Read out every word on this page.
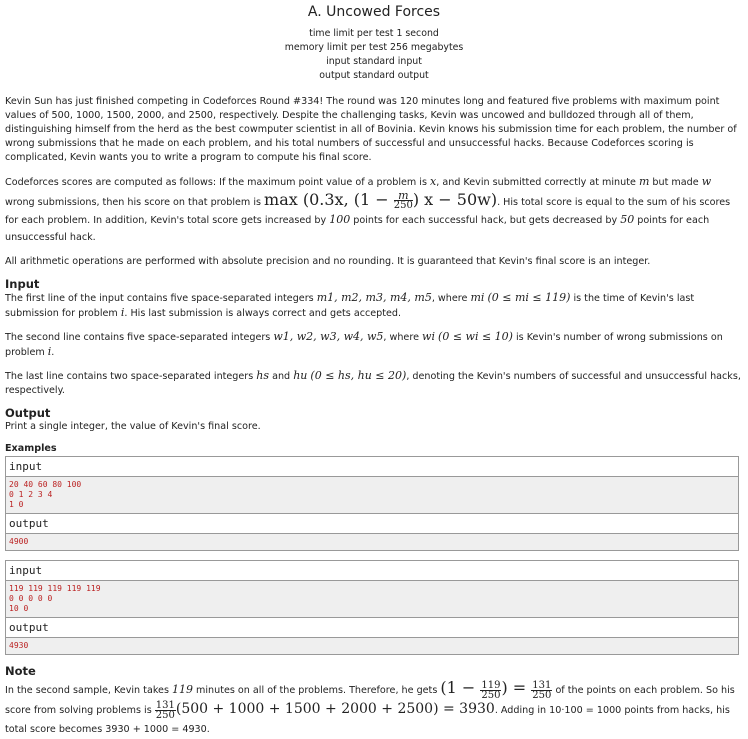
A. Uncowed Forces
time limit per test 1 second
memory limit per test 256 megabytes
input standard input
output standard output

Kevin Sun has just finished competing in Codeforces Round #334! The round was 120 minutes long and featured five problems with maximum point values of 500, 1000, 1500, 2000, and 2500, respectively. Despite the challenging tasks, Kevin was uncowed and bulldozed through all of them, distinguishing himself from the herd as the best cowmputer scientist in all of Bovinia. Kevin knows his submission time for each problem, the number of wrong submissions that he made on each problem, and his total numbers of successful and unsuccessful hacks. Because Codeforces scoring is complicated, Kevin wants you to write a program to compute his final score.

Codeforces scores are computed as follows: If the maximum point value of a problem is x, and Kevin submitted correctly at minute m but made w wrong submissions, then his score on that problem is max (0.3x, ($1 - \frac{m}{250}$ ) x − 50w). His total score is equal to the sum of his scores for each problem. In addition, Kevin's total score gets increased by 100 points for each successful hack, but gets decreased by 50 points for each unsuccessful hack.

All arithmetic operations are performed with absolute precision and no rounding. It is guaranteed that Kevin's final score is an integer.

Input

The first line of the input contains five space-separated integers m1, m2, m3, m4, m5, where mi (0 ≤ mi ≤ 119) is the time of Kevin's last submission for problem i. His last submission is always correct and gets accepted.

The second line contains five space-separated integers w1, w2, w3, w4, w5, where wi (0 ≤ wi ≤ 10) is Kevin's number of wrong submissions on problem i.

The last line contains two space-separated integers hs and hu (0 ≤ hs, hu ≤ 20), denoting the Kevin's numbers of successful and unsuccessful hacks, respectively.

Output

Print a single integer, the value of Kevin's final score.

Examples
input
20 40 60 80 100
0 1 2 3 4
1 0
output
4900
input
119 119 119 119 119
0 0 0 0 0
10 0
output
4930
Note

In the second sample, Kevin takes 119 minutes on all of the problems. Therefore, he gets ($1 - \frac{119}{250}$ ) = $\frac{131}{250}$ of the points on each problem. So his score from solving problems is $\frac{131}{250} (500 + 1000 + 1500 + 2000 + 2500) = 3930$. Adding in 10·100 = 1000 points from hacks, his total score becomes 3930 + 1000 = 4930.
